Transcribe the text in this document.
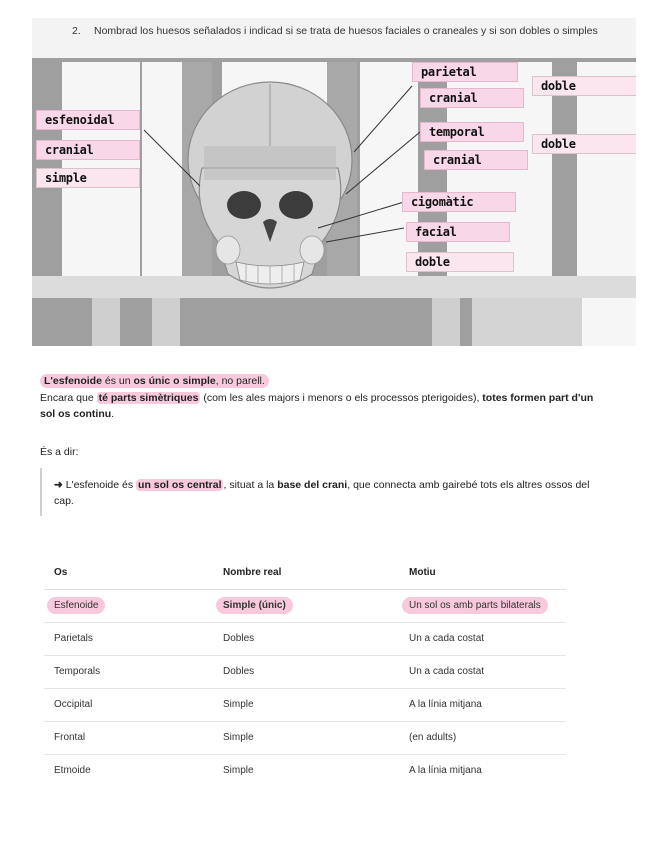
2.	Nombrad los huesos señalados i indicad si se trata de huesos faciales o craneales y si son dobles o simples
parietal
cranial
doble
temporal
cranial
doble
cigomàtic
facial
doble
esfenoidal
cranial
simple

L'esfenoide és un os únic o simple, no parell.

Encara que té parts simètriques (com les ales majors i menors o els processos pterigoides), totes formen part d'un sol os continu.

És a dir:

➜ L'esfenoide és un sol os central , situat a la base del crani, que connecta amb gairebé tots els altres ossos del cap.

Os	Nombre real	Motiu
Esfenoide	Simple (únic)	Un sol os amb parts bilaterals
Parietals	Dobles	Un a cada costat
Temporals	Dobles	Un a cada costat
Occipital	Simple	A la línia mitjana
Frontal	Simple	(en adults)
Etmoide	Simple	A la línia mitjana
